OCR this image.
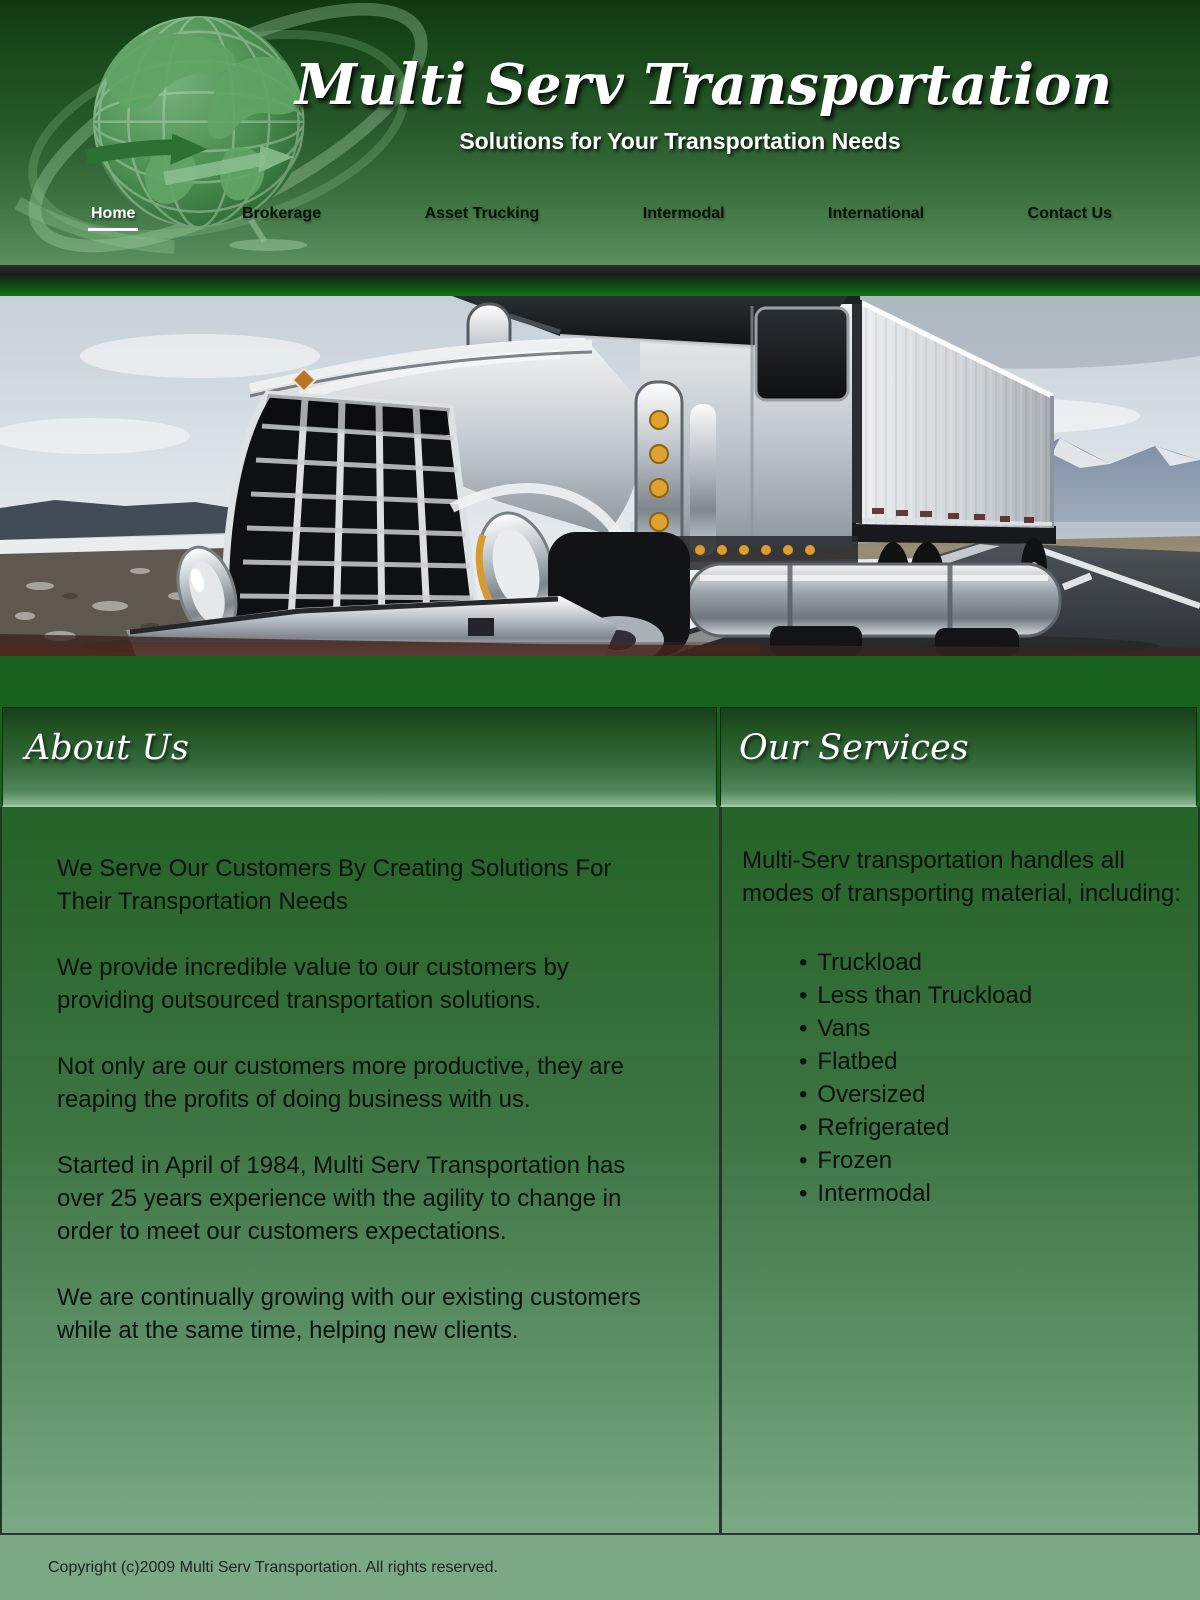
Multi Serv Transportation
Solutions for Your Transportation Needs
Home	Brokerage	Asset Trucking	Intermodal	International	Contact Us
About Us	Our Services

We Serve Our Customers By Creating Solutions For Their Transportation Needs

We provide incredible value to our customers by providing outsourced transportation solutions.

Not only are our customers more productive, they are reaping the profits of doing business with us.

Started in April of 1984, Multi Serv Transportation has over 25 years experience with the agility to change in order to meet our customers expectations.

We are continually growing with our existing customers while at the same time, helping new clients.

Multi-Serv transportation handles all modes of transporting material, including:
• Truckload
• Less than Truckload
• Vans
• Flatbed
• Oversized
• Refrigerated
• Frozen
• Intermodal
Copyright (c)2009 Multi Serv Transportation. All rights reserved.
